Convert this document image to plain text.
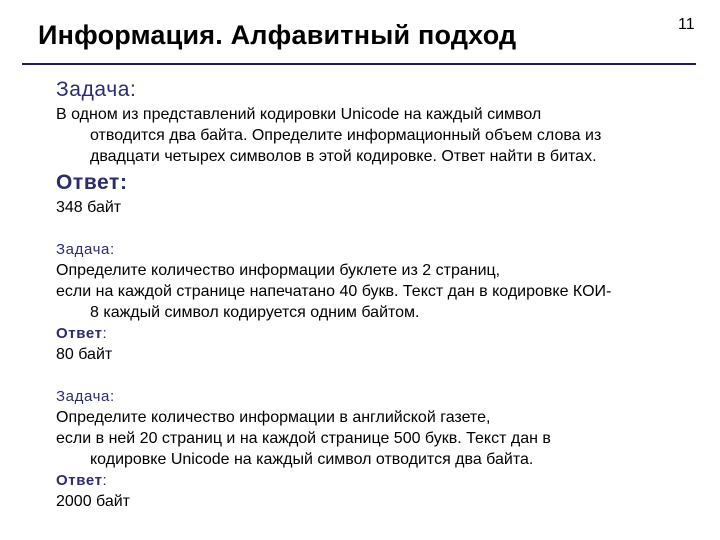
Информация. Алфавитный подход	11
Задача:
В одном из представлений кодировки Unicode на каждый символ
отводится два байта. Определите информационный объем слова из
двадцати четырех символов в этой кодировке. Ответ найти в битах.
Ответ:
348 байт
Задача:
Определите количество информации буклете из 2 страниц,
если на каждой странице напечатано 40 букв. Текст дан в кодировке КОИ-
8 каждый символ кодируется одним байтом.
Ответ:
80 байт
Задача:
Определите количество информации в английской газете,
если в ней 20 страниц и на каждой странице 500 букв. Текст дан в
кодировке Unicode на каждый символ отводится два байта.
Ответ:
2000 байт
